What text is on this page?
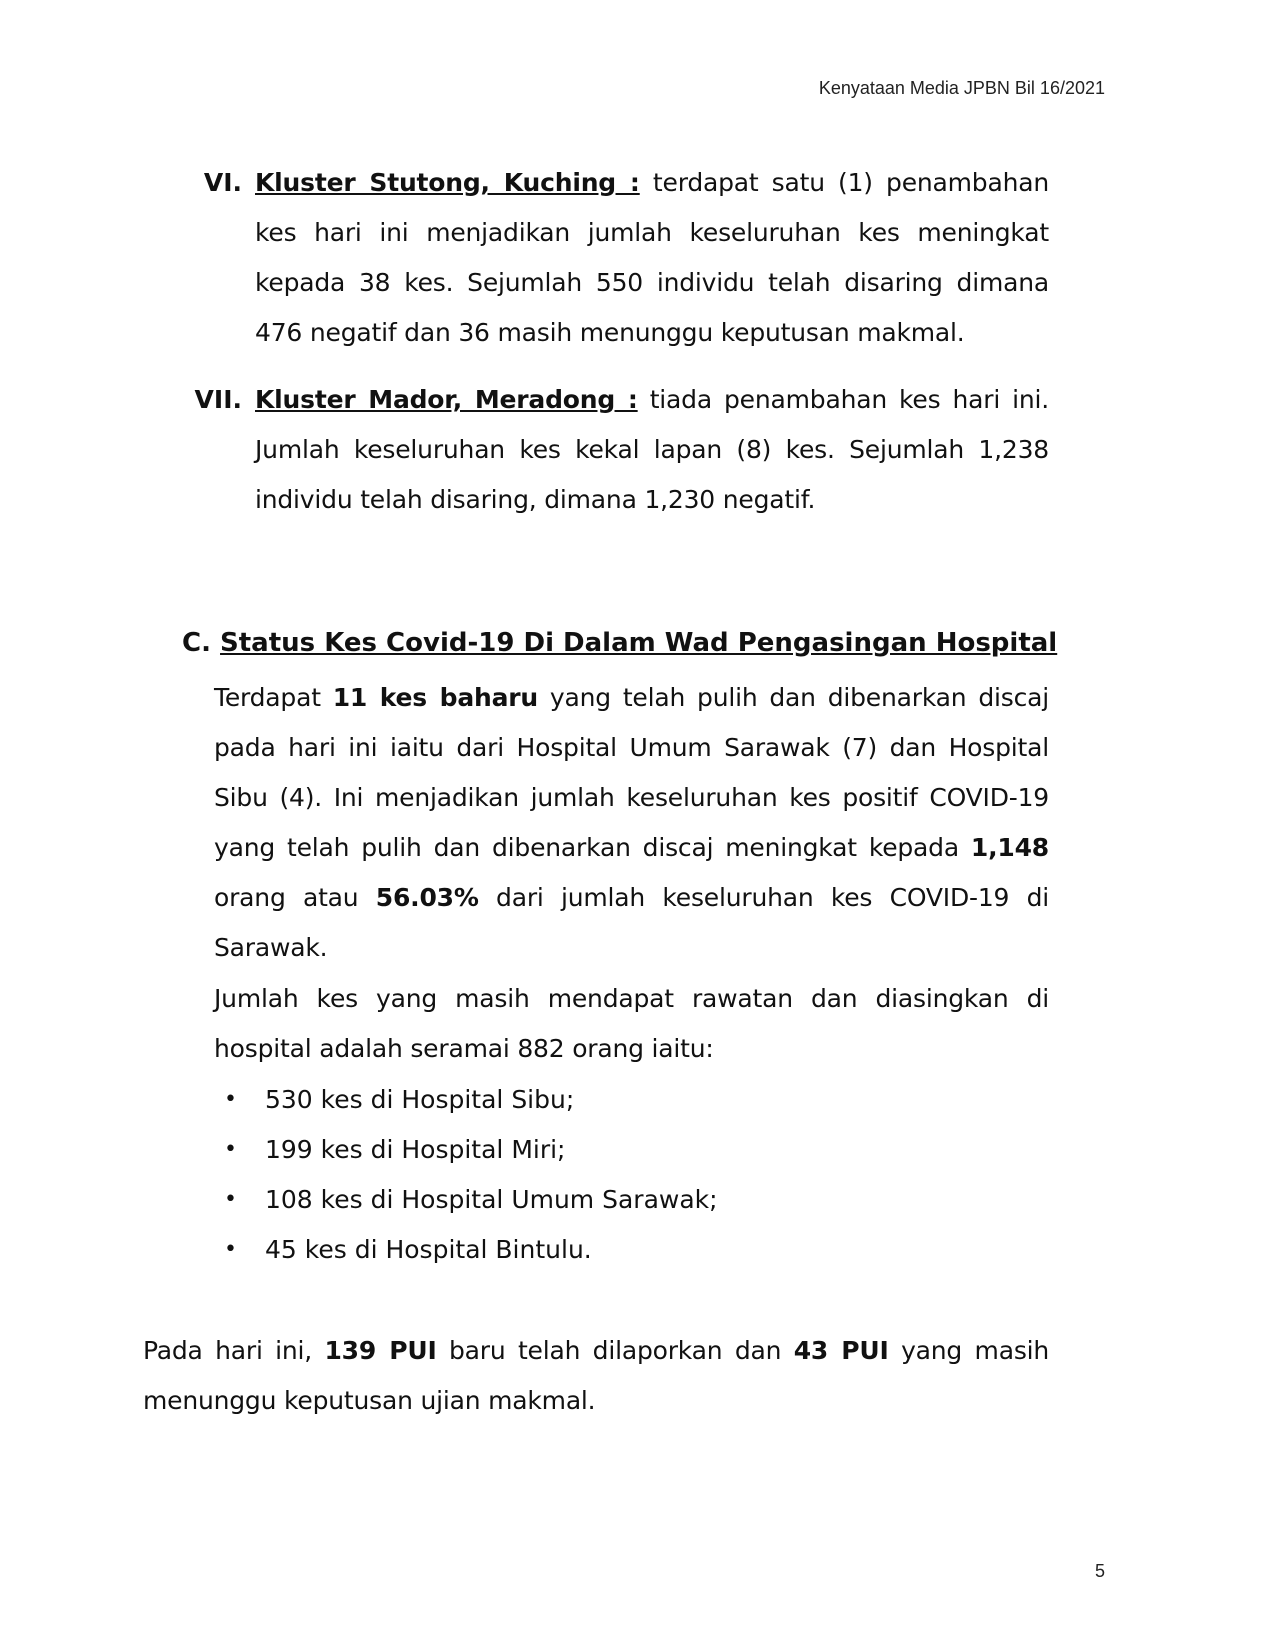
Kenyataan Media JPBN Bil 16/2021
VI. Kluster Stutong, Kuching : terdapat satu (1) penambahan kes hari ini menjadikan jumlah keseluruhan kes meningkat kepada 38 kes. Sejumlah 550 individu telah disaring dimana 476 negatif dan 36 masih menunggu keputusan makmal.
VII. Kluster Mador, Meradong : tiada penambahan kes hari ini. Jumlah keseluruhan kes kekal lapan (8) kes. Sejumlah 1,238 individu telah disaring, dimana 1,230 negatif.
C. Status Kes Covid-19 Di Dalam Wad Pengasingan Hospital
Terdapat 11 kes baharu yang telah pulih dan dibenarkan discaj pada hari ini iaitu dari Hospital Umum Sarawak (7) dan Hospital Sibu (4). Ini menjadikan jumlah keseluruhan kes positif COVID-19 yang telah pulih dan dibenarkan discaj meningkat kepada 1,148 orang atau 56.03% dari jumlah keseluruhan kes COVID-19 di Sarawak.
Jumlah kes yang masih mendapat rawatan dan diasingkan di hospital adalah seramai 882 orang iaitu:
•	530 kes di Hospital Sibu;
•	199 kes di Hospital Miri;
•	108 kes di Hospital Umum Sarawak;
•	45 kes di Hospital Bintulu.
Pada hari ini, 139 PUI baru telah dilaporkan dan 43 PUI yang masih menunggu keputusan ujian makmal.
5
